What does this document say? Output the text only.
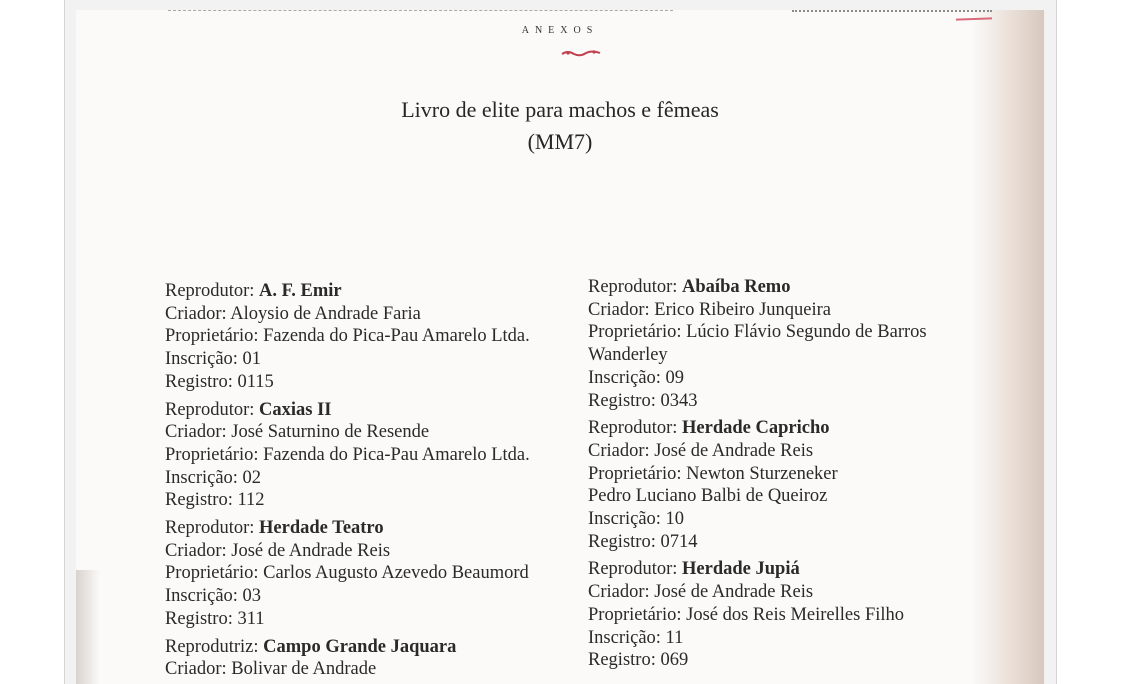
ANEXOS
Livro de elite para machos e fêmeas
(MM7)
Reprodutor: A. F. Emir
Criador: Aloysio de Andrade Faria
Proprietário: Fazenda do Pica-Pau Amarelo Ltda.
Inscrição: 01
Registro: 0115
Reprodutor: Caxias II
Criador: José Saturnino de Resende
Proprietário: Fazenda do Pica-Pau Amarelo Ltda.
Inscrição: 02
Registro: 112
Reprodutor: Herdade Teatro
Criador: José de Andrade Reis
Proprietário: Carlos Augusto Azevedo Beaumord
Inscrição: 03
Registro: 311
Reprodutriz: Campo Grande Jaquara
Criador: Bolivar de Andrade
Reprodutor: Abaíba Remo
Criador: Erico Ribeiro Junqueira
Proprietário: Lúcio Flávio Segundo de Barros
Wanderley
Inscrição: 09
Registro: 0343
Reprodutor: Herdade Capricho
Criador: José de Andrade Reis
Proprietário: Newton Sturzeneker
Pedro Luciano Balbi de Queiroz
Inscrição: 10
Registro: 0714
Reprodutor: Herdade Jupiá
Criador: José de Andrade Reis
Proprietário: José dos Reis Meirelles Filho
Inscrição: 11
Registro: 069
